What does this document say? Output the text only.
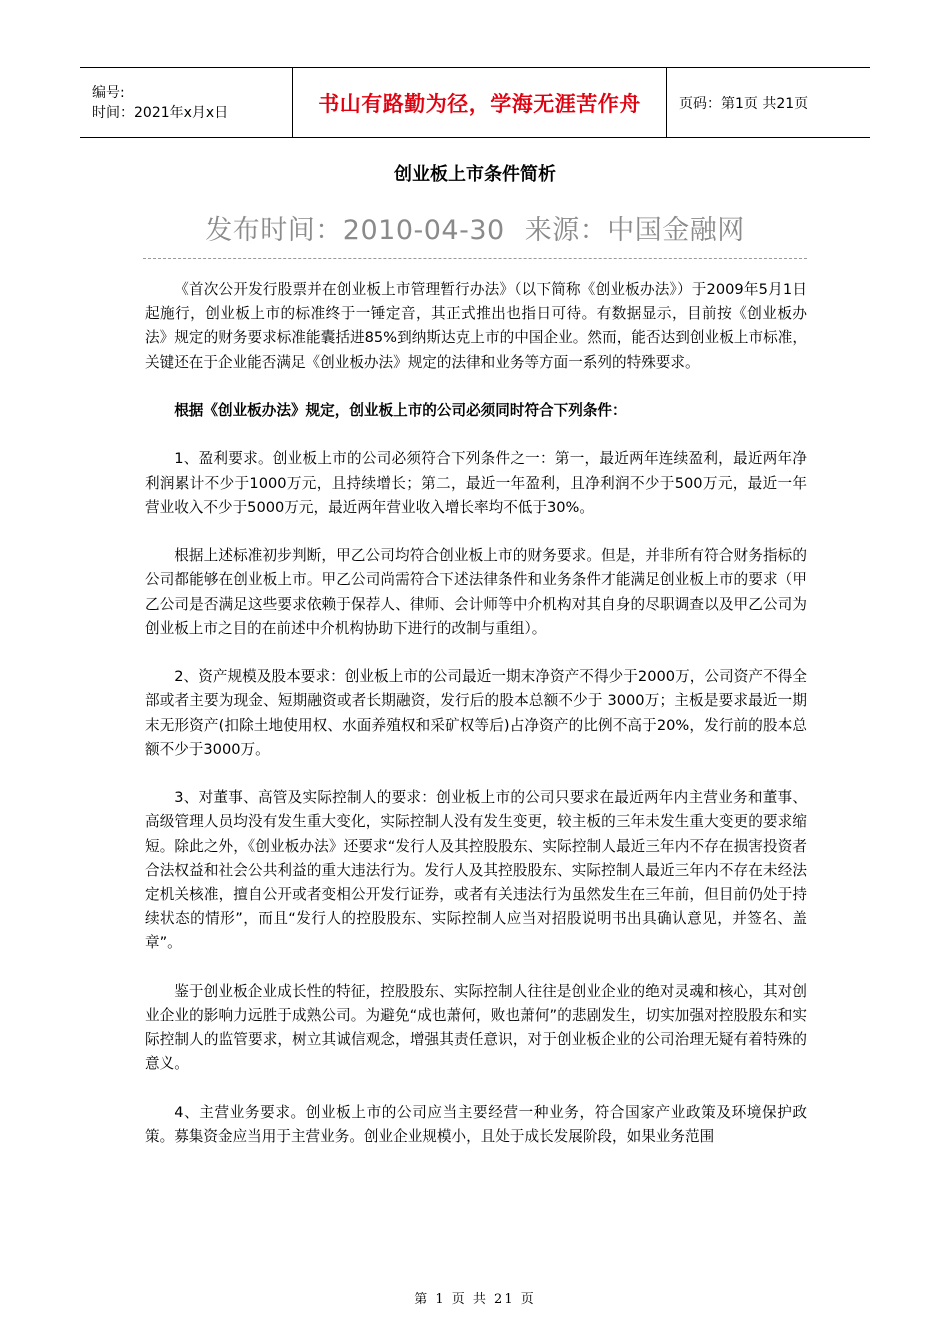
编号:
时间：2021年x月x日	书山有路勤为径，学海无涯苦作舟	页码：第1页 共21页
创业板上市条件简析
发布时间：2010-04-30 来源：中国金融网

《首次公开发行股票并在创业板上市管理暂行办法》（以下简称《创业板办法》）于2009年5月1日起施行，创业板上市的标准终于一锤定音，其正式推出也指日可待。有数据显示，目前按《创业板办法》规定的财务要求标准能囊括进85%到纳斯达克上市的中国企业。然而，能否达到创业板上市标准，关键还在于企业能否满足《创业板办法》规定的法律和业务等方面一系列的特殊要求。

根据《创业板办法》规定，创业板上市的公司必须同时符合下列条件：

1、盈利要求。创业板上市的公司必须符合下列条件之一：第一，最近两年连续盈利，最近两年净利润累计不少于1000万元，且持续增长；第二，最近一年盈利，且净利润不少于500万元，最近一年营业收入不少于5000万元，最近两年营业收入增长率均不低于30%。

根据上述标准初步判断，甲乙公司均符合创业板上市的财务要求。但是，并非所有符合财务指标的公司都能够在创业板上市。甲乙公司尚需符合下述法律条件和业务条件才能满足创业板上市的要求（甲乙公司是否满足这些要求依赖于保荐人、律师、会计师等中介机构对其自身的尽职调查以及甲乙公司为创业板上市之目的在前述中介机构协助下进行的改制与重组）。

2、资产规模及股本要求：创业板上市的公司最近一期末净资产不得少于2000万，公司资产不得全部或者主要为现金、短期融资或者长期融资，发行后的股本总额不少于 3000万；主板是要求最近一期末无形资产(扣除土地使用权、水面养殖权和采矿权等后)占净资产的比例不高于20%，发行前的股本总额不少于3000万。

3、对董事、高管及实际控制人的要求：创业板上市的公司只要求在最近两年内主营业务和董事、高级管理人员均没有发生重大变化，实际控制人没有发生变更，较主板的三年未发生重大变更的要求缩短。除此之外，《创业板办法》还要求“发行人及其控股股东、实际控制人最近三年内不存在损害投资者合法权益和社会公共利益的重大违法行为。发行人及其控股股东、实际控制人最近三年内不存在未经法定机关核准，擅自公开或者变相公开发行证券，或者有关违法行为虽然发生在三年前，但目前仍处于持续状态的情形”，而且“发行人的控股股东、实际控制人应当对招股说明书出具确认意见，并签名、盖章”。

鉴于创业板企业成长性的特征，控股股东、实际控制人往往是创业企业的绝对灵魂和核心，其对创业企业的影响力远胜于成熟公司。为避免“成也萧何，败也萧何”的悲剧发生，切实加强对控股股东和实际控制人的监管要求，树立其诚信观念，增强其责任意识，对于创业板企业的公司治理无疑有着特殊的意义。

4、主营业务要求。创业板上市的公司应当主要经营一种业务，符合国家产业政策及环境保护政策。募集资金应当用于主营业务。创业企业规模小，且处于成长发展阶段，如果业务范围

第 1 页 共 21 页
